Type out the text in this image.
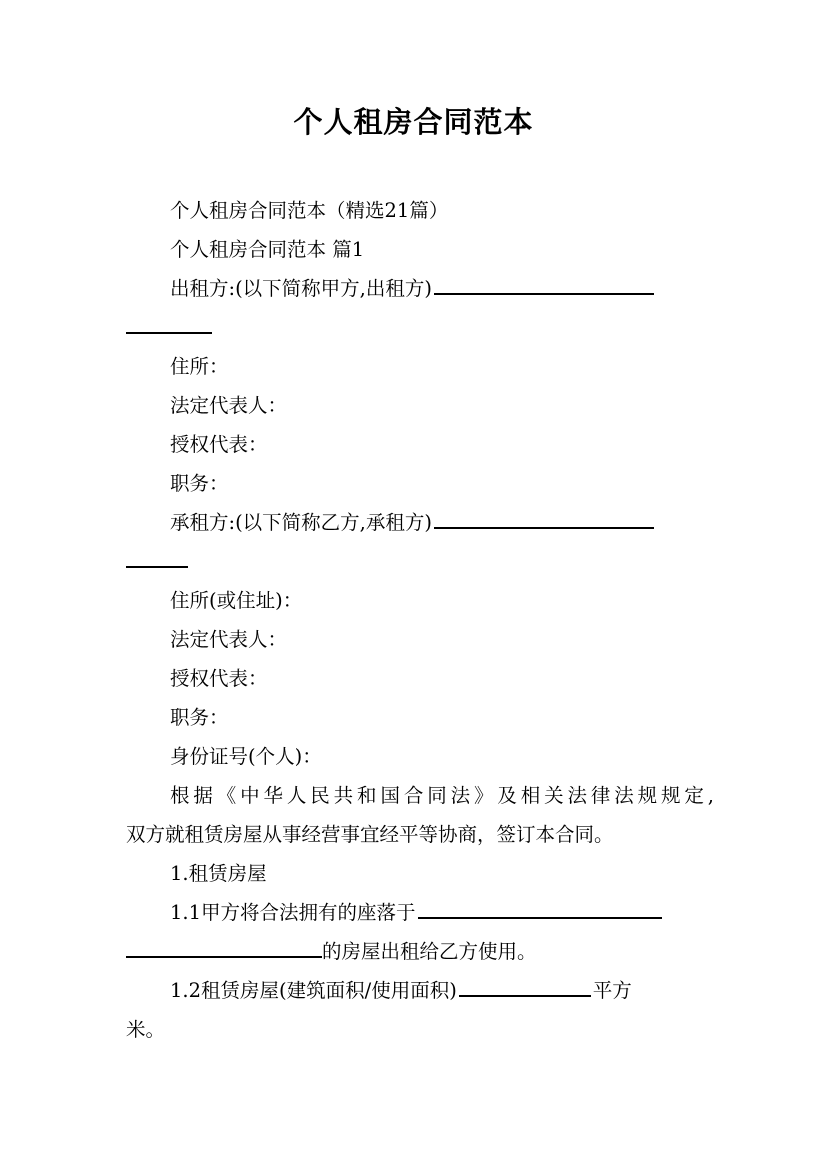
个人租房合同范本
个人租房合同范本（精选21篇）
个人租房合同范本 篇1
出租方:(以下简称甲方,出租方)
住所：
法定代表人：
授权代表：
职务：
承租方:(以下简称乙方,承租方)
住所(或住址)：
法定代表人：
授权代表：
职务：
身份证号(个人)：
根据《中华人民共和国合同法》及相关法律法规规定,
双方就租赁房屋从事经营事宜经平等协商，签订本合同。
1.租赁房屋
1.1甲方将合法拥有的座落于
的房屋出租给乙方使用。
1.2租赁房屋(建筑面积/使用面积)	平方
米。
